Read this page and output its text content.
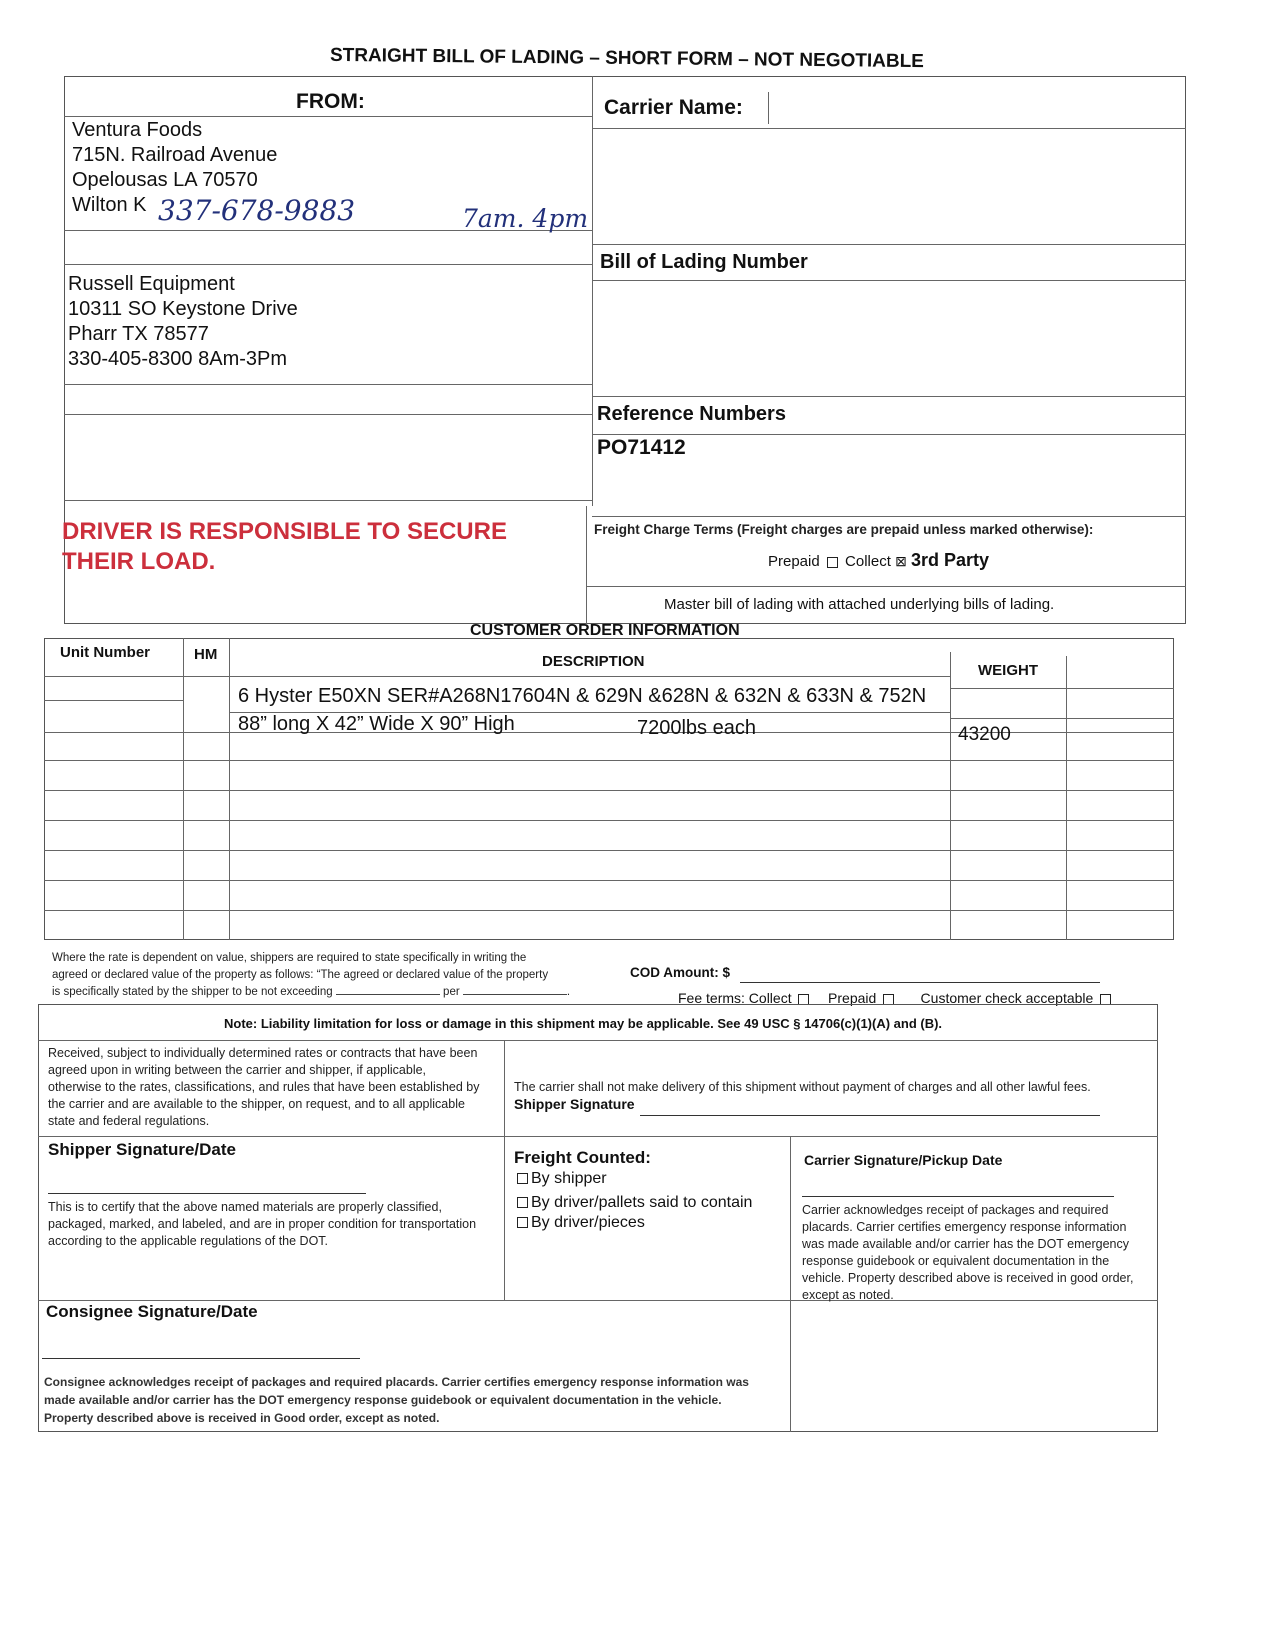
STRAIGHT BILL OF LADING – SHORT FORM – NOT NEGOTIABLE
FROM:
Ventura Foods
715N. Railroad Avenue
Opelousas LA 70570
Wilton K 337-678-9883	7am. 4pm
Russell Equipment
10311 SO Keystone Drive
Pharr TX 78577
330-405-8300 8Am-3Pm
Carrier Name:
Bill of Lading Number
Reference Numbers
PO71412
DRIVER IS RESPONSIBLE TO SECURE THEIR LOAD.
Freight Charge Terms (Freight charges are prepaid unless marked otherwise):
Prepaid Collect ⊠ 3rd Party
Master bill of lading with attached underlying bills of lading.
CUSTOMER ORDER INFORMATION
Unit Number	HM	DESCRIPTION
WEIGHT
6 Hyster E50XN SER#A268N17604N & 629N &628N & 632N & 633N & 752N
88” long X 42” Wide X 90” High	7200lbs each	43200
Where the rate is dependent on value, shippers are required to state specifically in writing the
agreed or declared value of the property as follows: “The agreed or declared value of the property
is specifically stated by the shipper to be not exceeding	per	.
COD Amount: $
Fee terms: Collect	Prepaid	Customer check acceptable
Note: Liability limitation for loss or damage in this shipment may be applicable. See 49 USC § 14706(c)(1)(A) and (B).
Received, subject to individually determined rates or contracts that have been
agreed upon in writing between the carrier and shipper, if applicable,
otherwise to the rates, classifications, and rules that have been established by
the carrier and are available to the shipper, on request, and to all applicable
state and federal regulations.
The carrier shall not make delivery of this shipment without payment of charges and all other lawful fees.
Shipper Signature
Shipper Signature/Date
This is to certify that the above named materials are properly classified,
packaged, marked, and labeled, and are in proper condition for transportation
according to the applicable regulations of the DOT.
Freight Counted:
By shipper
By driver/pallets said to contain
By driver/pieces
Carrier Signature/Pickup Date
Carrier acknowledges receipt of packages and required
placards. Carrier certifies emergency response information
was made available and/or carrier has the DOT emergency
response guidebook or equivalent documentation in the
vehicle. Property described above is received in good order,
except as noted.
Consignee Signature/Date
Consignee acknowledges receipt of packages and required placards. Carrier certifies emergency response information was
made available and/or carrier has the DOT emergency response guidebook or equivalent documentation in the vehicle.
Property described above is received in Good order, except as noted.
